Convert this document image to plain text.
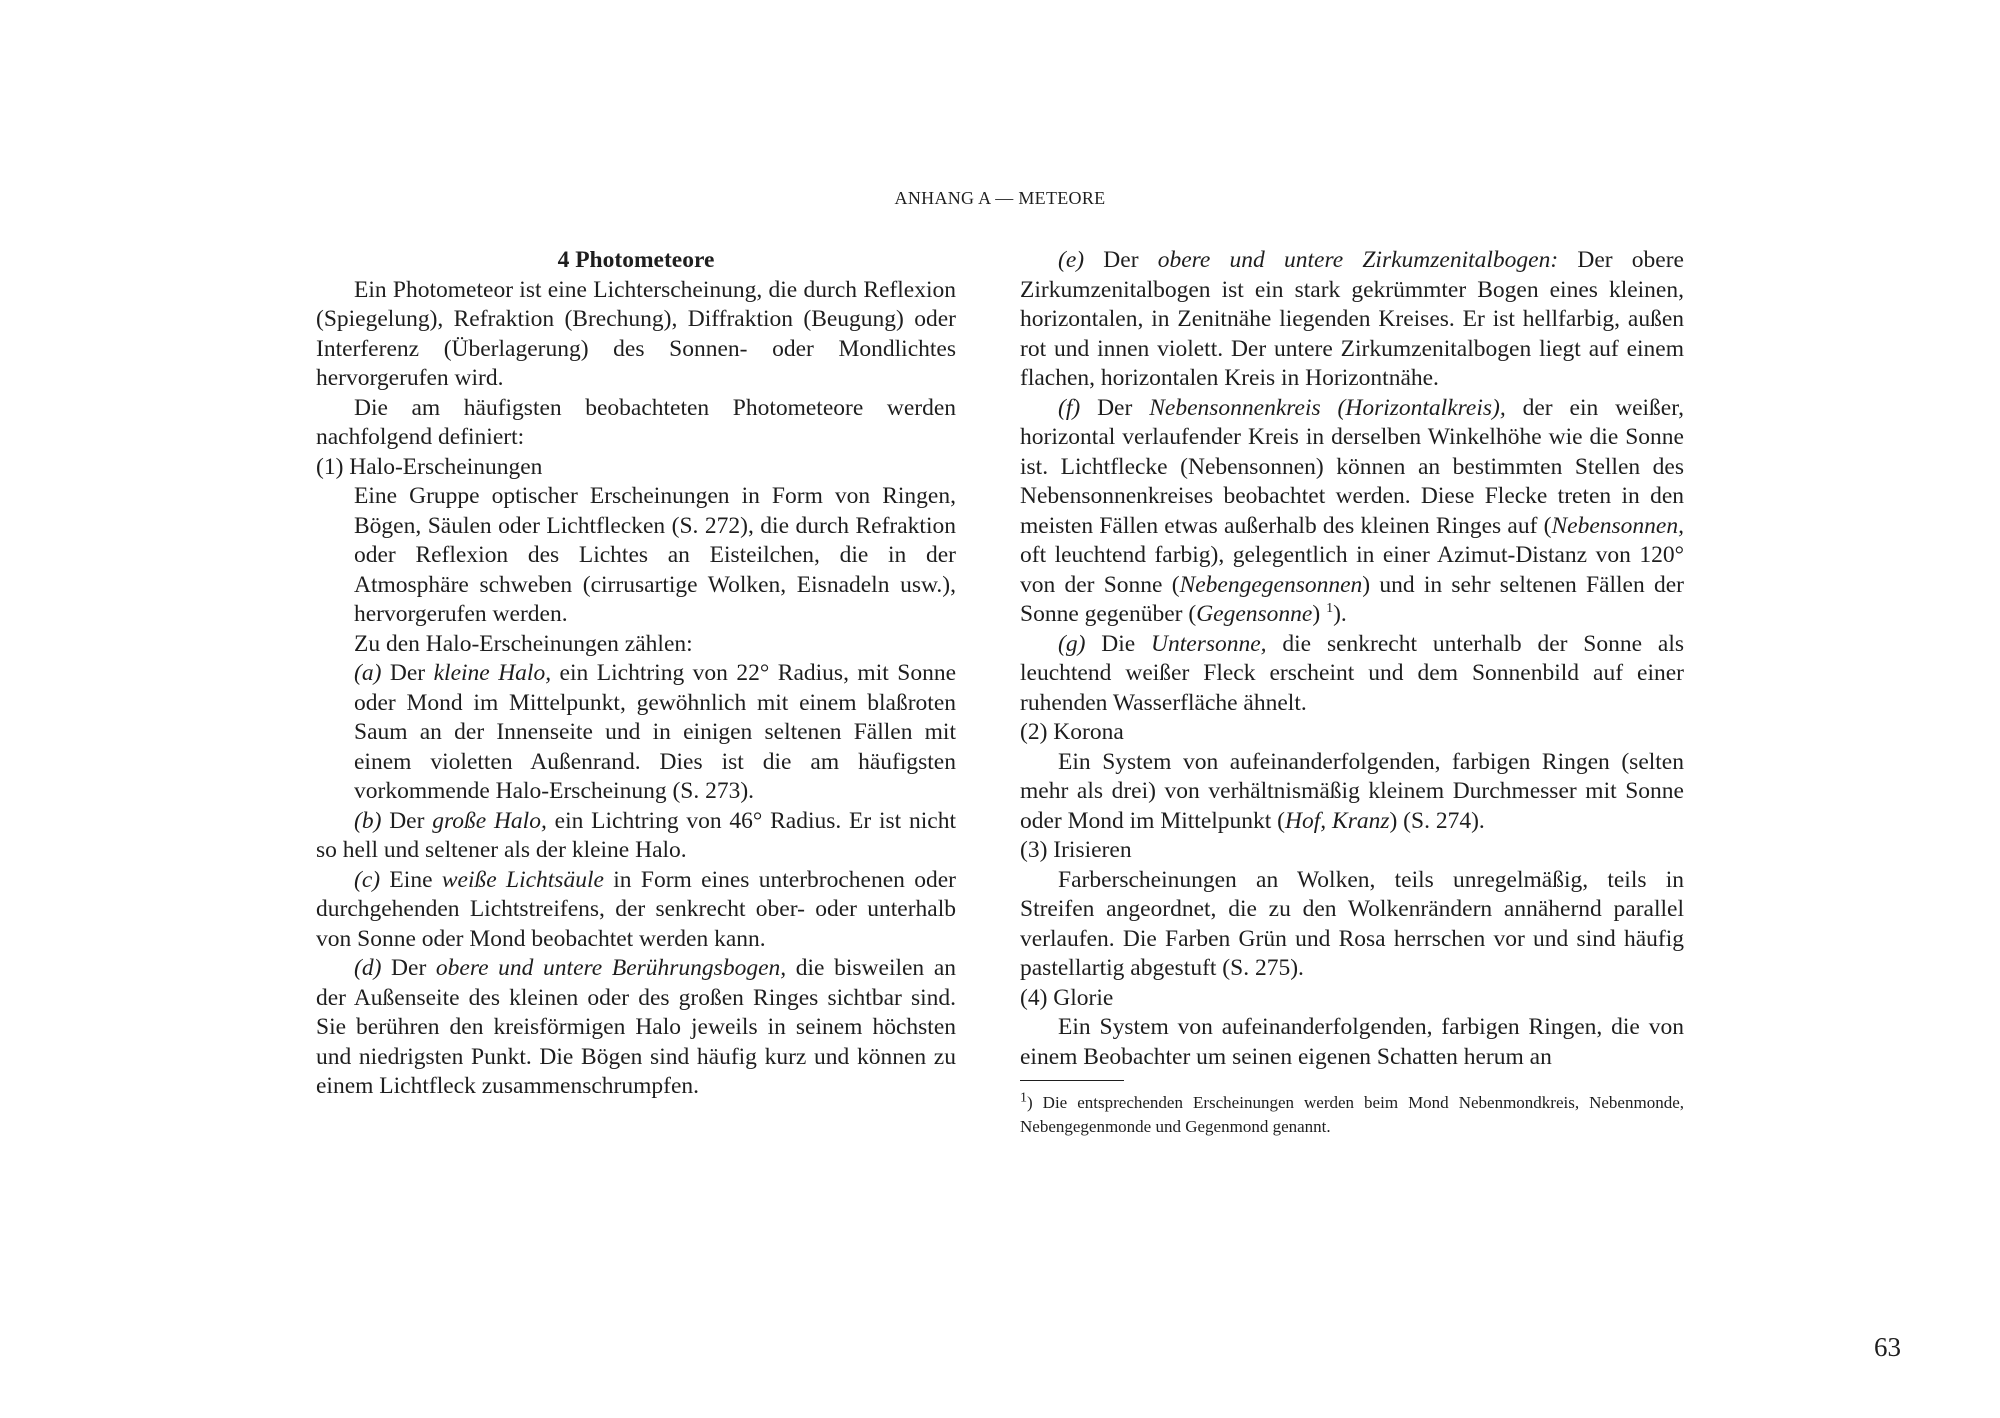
ANHANG A — METEORE

4 Photometeore

Ein Photometeor ist eine Lichterscheinung, die durch Reflexion (Spiegelung), Refraktion (Brechung), Diffraktion (Beugung) oder Interferenz (Überlagerung) des Sonnen- oder Mondlichtes hervorgerufen wird.

Die am häufigsten beobachteten Photometeore werden nachfolgend definiert:

(1) Halo-Erscheinungen

Eine Gruppe optischer Erscheinungen in Form von Ringen, Bögen, Säulen oder Lichtflecken (S. 272), die durch Refraktion oder Reflexion des Lichtes an Eisteilchen, die in der Atmosphäre schweben (cirrusartige Wolken, Eisnadeln usw.), hervorgerufen werden.

Zu den Halo-Erscheinungen zählen:

(a) Der kleine Halo, ein Lichtring von 22° Radius, mit Sonne oder Mond im Mittelpunkt, gewöhnlich mit einem blaßroten Saum an der Innenseite und in einigen seltenen Fällen mit einem violetten Außenrand. Dies ist die am häufigsten vorkommende Halo-Erscheinung (S. 273).

(b) Der große Halo, ein Lichtring von 46° Radius. Er ist nicht so hell und seltener als der kleine Halo.

(c) Eine weiße Lichtsäule in Form eines unterbrochenen oder durchgehenden Lichtstreifens, der senkrecht ober- oder unterhalb von Sonne oder Mond beobachtet werden kann.

(d) Der obere und untere Berührungsbogen, die bisweilen an der Außenseite des kleinen oder des großen Ringes sichtbar sind. Sie berühren den kreisförmigen Halo jeweils in seinem höchsten und niedrigsten Punkt. Die Bögen sind häufig kurz und können zu einem Lichtfleck zusammenschrumpfen.

(e) Der obere und untere Zirkumzenitalbogen: Der obere Zirkumzenitalbogen ist ein stark gekrümmter Bogen eines kleinen, horizontalen, in Zenitnähe liegenden Kreises. Er ist hellfarbig, außen rot und innen violett. Der untere Zirkumzenitalbogen liegt auf einem flachen, horizontalen Kreis in Horizontnähe.

(f) Der Nebensonnenkreis (Horizontalkreis), der ein weißer, horizontal verlaufender Kreis in derselben Winkelhöhe wie die Sonne ist. Lichtflecke (Nebensonnen) können an bestimmten Stellen des Nebensonnenkreises beobachtet werden. Diese Flecke treten in den meisten Fällen etwas außerhalb des kleinen Ringes auf (Nebensonnen, oft leuchtend farbig), gelegentlich in einer Azimut-Distanz von 120° von der Sonne (Nebengegensonnen) und in sehr seltenen Fällen der Sonne gegenüber (Gegensonne) $^1$).

(g) Die Untersonne, die senkrecht unterhalb der Sonne als leuchtend weißer Fleck erscheint und dem Sonnenbild auf einer ruhenden Wasserfläche ähnelt.

(2) Korona

Ein System von aufeinanderfolgenden, farbigen Ringen (selten mehr als drei) von verhältnismäßig kleinem Durchmesser mit Sonne oder Mond im Mittelpunkt (Hof, Kranz) (S. 274).

(3) Irisieren

Farberscheinungen an Wolken, teils unregelmäßig, teils in Streifen angeordnet, die zu den Wolkenrändern annähernd parallel verlaufen. Die Farben Grün und Rosa herrschen vor und sind häufig pastellartig abgestuft (S. 275).

(4) Glorie

Ein System von aufeinanderfolgenden, farbigen Ringen, die von einem Beobachter um seinen eigenen Schatten herum an

$^1$) Die entsprechenden Erscheinungen werden beim Mond Nebenmondkreis, Nebenmonde, Nebengegenmonde und Gegenmond genannt.

63
